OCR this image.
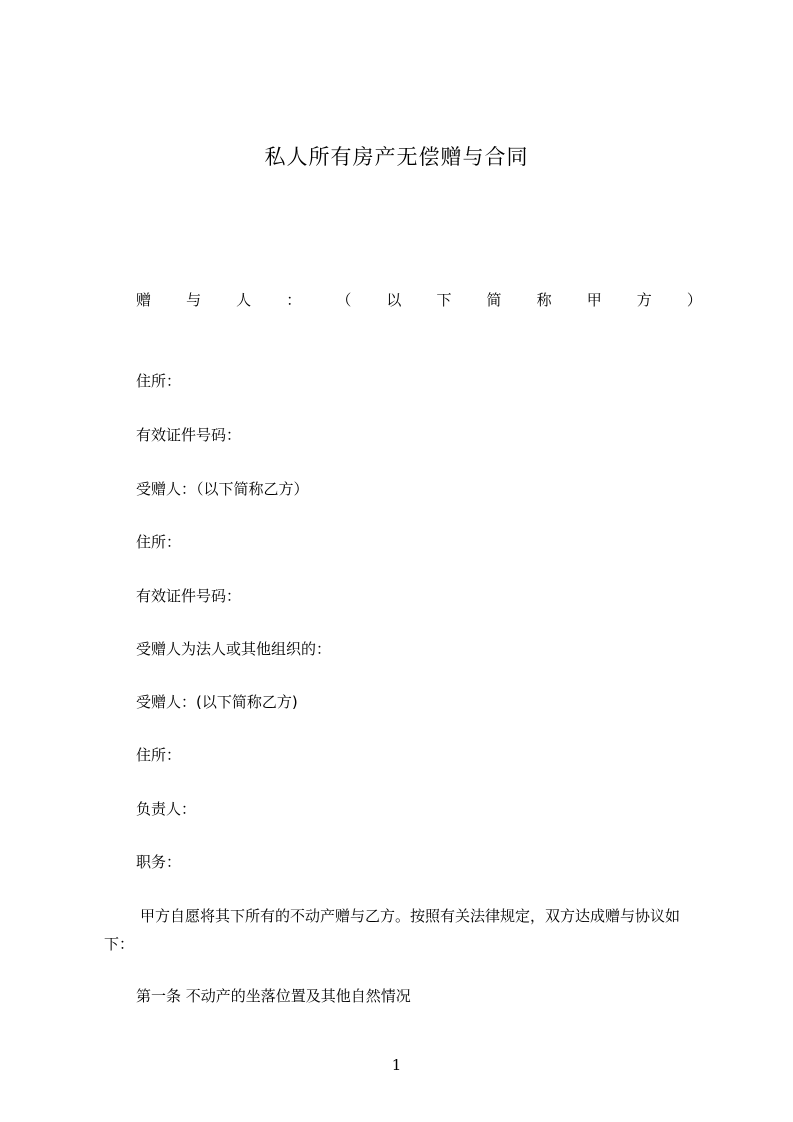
私人所有房产无偿赠与合同
赠 与 人 ： （ 以 下 简 称 甲 方 ）
住所：
有效证件号码：
受赠人：（以下简称乙方）
住所：
有效证件号码：
受赠人为法人或其他组织的：
受赠人：(以下简称乙方)
住所：
负责人：
职务：
甲方自愿将其下所有的不动产赠与乙方。按照有关法律规定，双方达成赠与协议如下：
第一条 不动产的坐落位置及其他自然情况
1
